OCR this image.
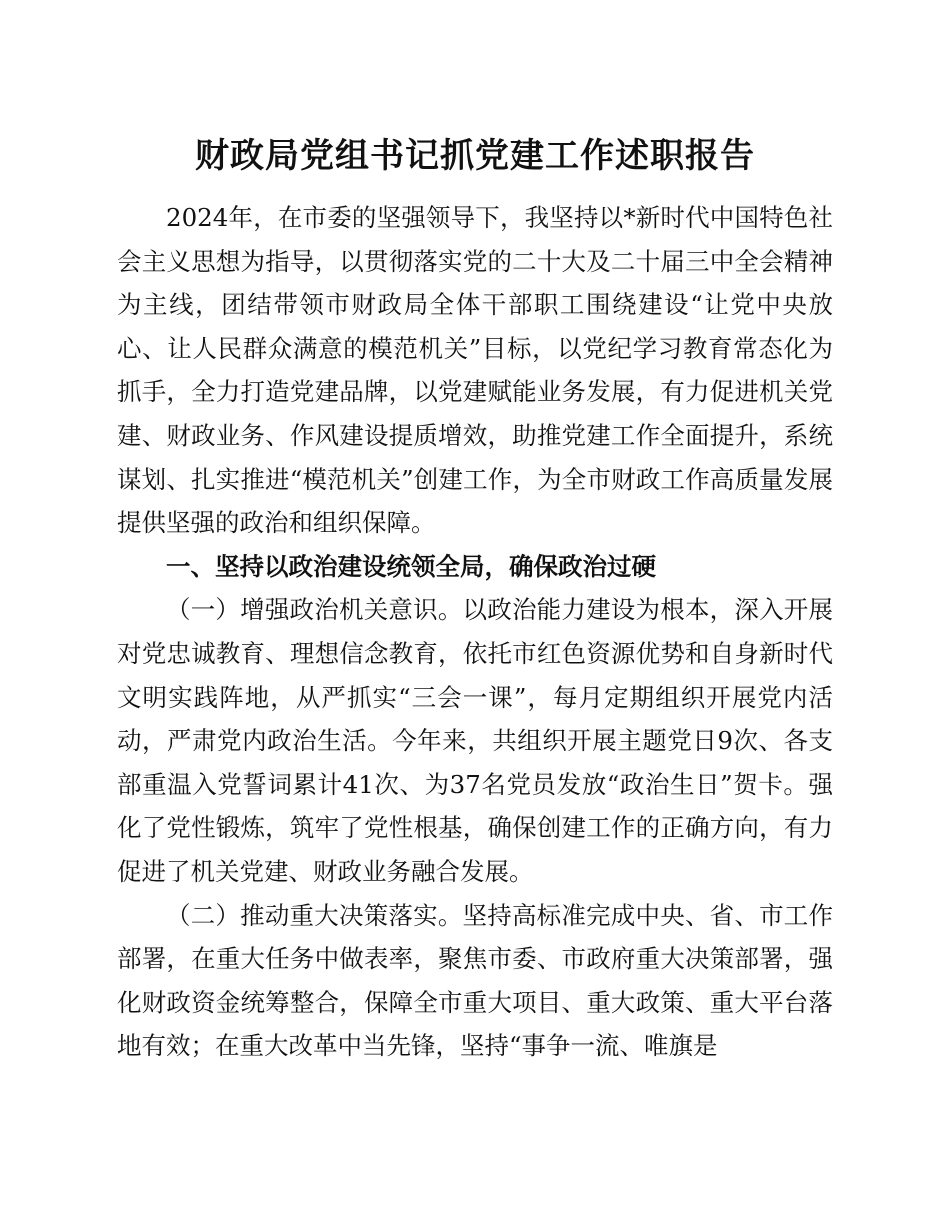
财政局党组书记抓党建工作述职报告

2024年，在市委的坚强领导下，我坚持以*新时代中国特色社会主义思想为指导，以贯彻落实党的二十大及二十届三中全会精神为主线，团结带领市财政局全体干部职工围绕建设“让党中央放心、让人民群众满意的模范机关”目标，以党纪学习教育常态化为抓手，全力打造党建品牌，以党建赋能业务发展，有力促进机关党建、财政业务、作风建设提质增效，助推党建工作全面提升，系统谋划、扎实推进“模范机关”创建工作，为全市财政工作高质量发展提供坚强的政治和组织保障。

一、坚持以政治建设统领全局，确保政治过硬

（一）增强政治机关意识。以政治能力建设为根本，深入开展对党忠诚教育、理想信念教育，依托市红色资源优势和自身新时代文明实践阵地，从严抓实“三会一课”，每月定期组织开展党内活动，严肃党内政治生活。今年来，共组织开展主题党日9次、各支部重温入党誓词累计41次、为37名党员发放“政治生日”贺卡。强化了党性锻炼，筑牢了党性根基，确保创建工作的正确方向，有力促进了机关党建、财政业务融合发展。

（二）推动重大决策落实。坚持高标准完成中央、省、市工作部署，在重大任务中做表率，聚焦市委、市政府重大决策部署，强化财政资金统筹整合，保障全市重大项目、重大政策、重大平台落地有效；在重大改革中当先锋，坚持“事争一流、唯旗是
